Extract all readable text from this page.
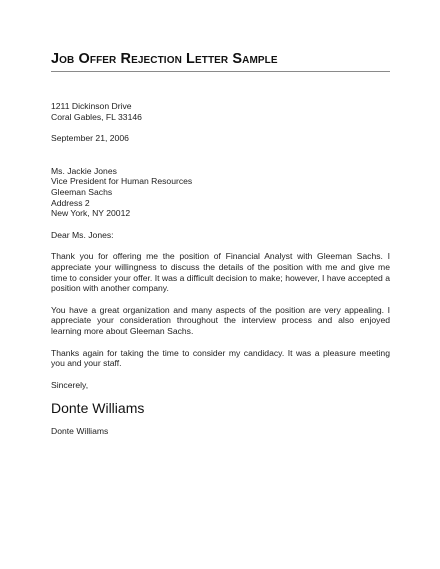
Job Offer Rejection Letter Sample
1211 Dickinson Drive
Coral Gables, FL 33146
September 21, 2006
Ms. Jackie Jones
Vice President for Human Resources
Gleeman Sachs
Address 2
New York, NY 20012
Dear Ms. Jones:

Thank you for offering me the position of Financial Analyst with Gleeman Sachs. I appreciate your willingness to discuss the details of the position with me and give me time to consider your offer. It was a difficult decision to make; however, I have accepted a position with another company.

You have a great organization and many aspects of the position are very appealing. I appreciate your consideration throughout the interview process and also enjoyed learning more about Gleeman Sachs.

Thanks again for taking the time to consider my candidacy. It was a pleasure meeting you and your staff.

Sincerely,
Donte Williams
Donte Williams
